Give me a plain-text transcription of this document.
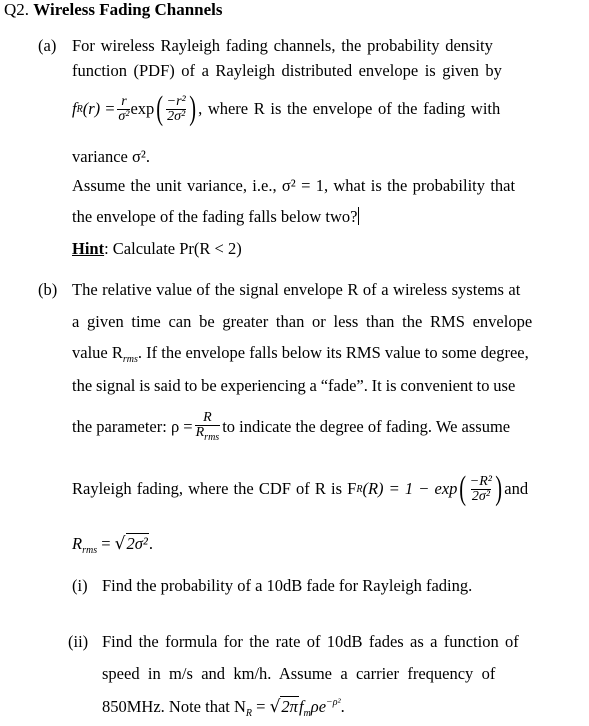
Q2. Wireless Fading Channels
(a) For wireless Rayleigh fading channels, the probability density
function (PDF) of a Rayleigh distributed envelope is given by
f R $(r) = \frac{r}{\text{σ²}}$ exp ( $\frac{\text{−r²}}{\text{2σ²}}$ ) , where R is the envelope of the fading with
variance σ².
Assume the unit variance, i.e., σ² = 1, what is the probability that
the envelope of the fading falls below two?
Hint: Calculate Pr(R < 2)
(b) The relative value of the signal envelope R of a wireless systems at
a given time can be greater than or less than the RMS envelope
value $R_{rms}$. If the envelope falls below its RMS value to some degree,
the signal is said to be experiencing a “fade”. It is convenient to use
the parameter: $\rho = \frac{R}{R_{rms}}$ to indicate the degree of fading. We assume
Rayleigh fading, where the CDF of R is F R (R) = 1 − exp ( $\frac{\text{−R²}}{\text{2σ²}}$ ) and
$R_{rms} = √2\sigma^2$.
(i) Find the probability of a 10dB fade for Rayleigh fading.
(ii) Find the formula for the rate of 10dB fades as a function of
speed in m/s and km/h. Assume a carrier frequency of
850MHz. Note that $N_R = √2\pi f_m\rho e^{-\rho^2}$.
